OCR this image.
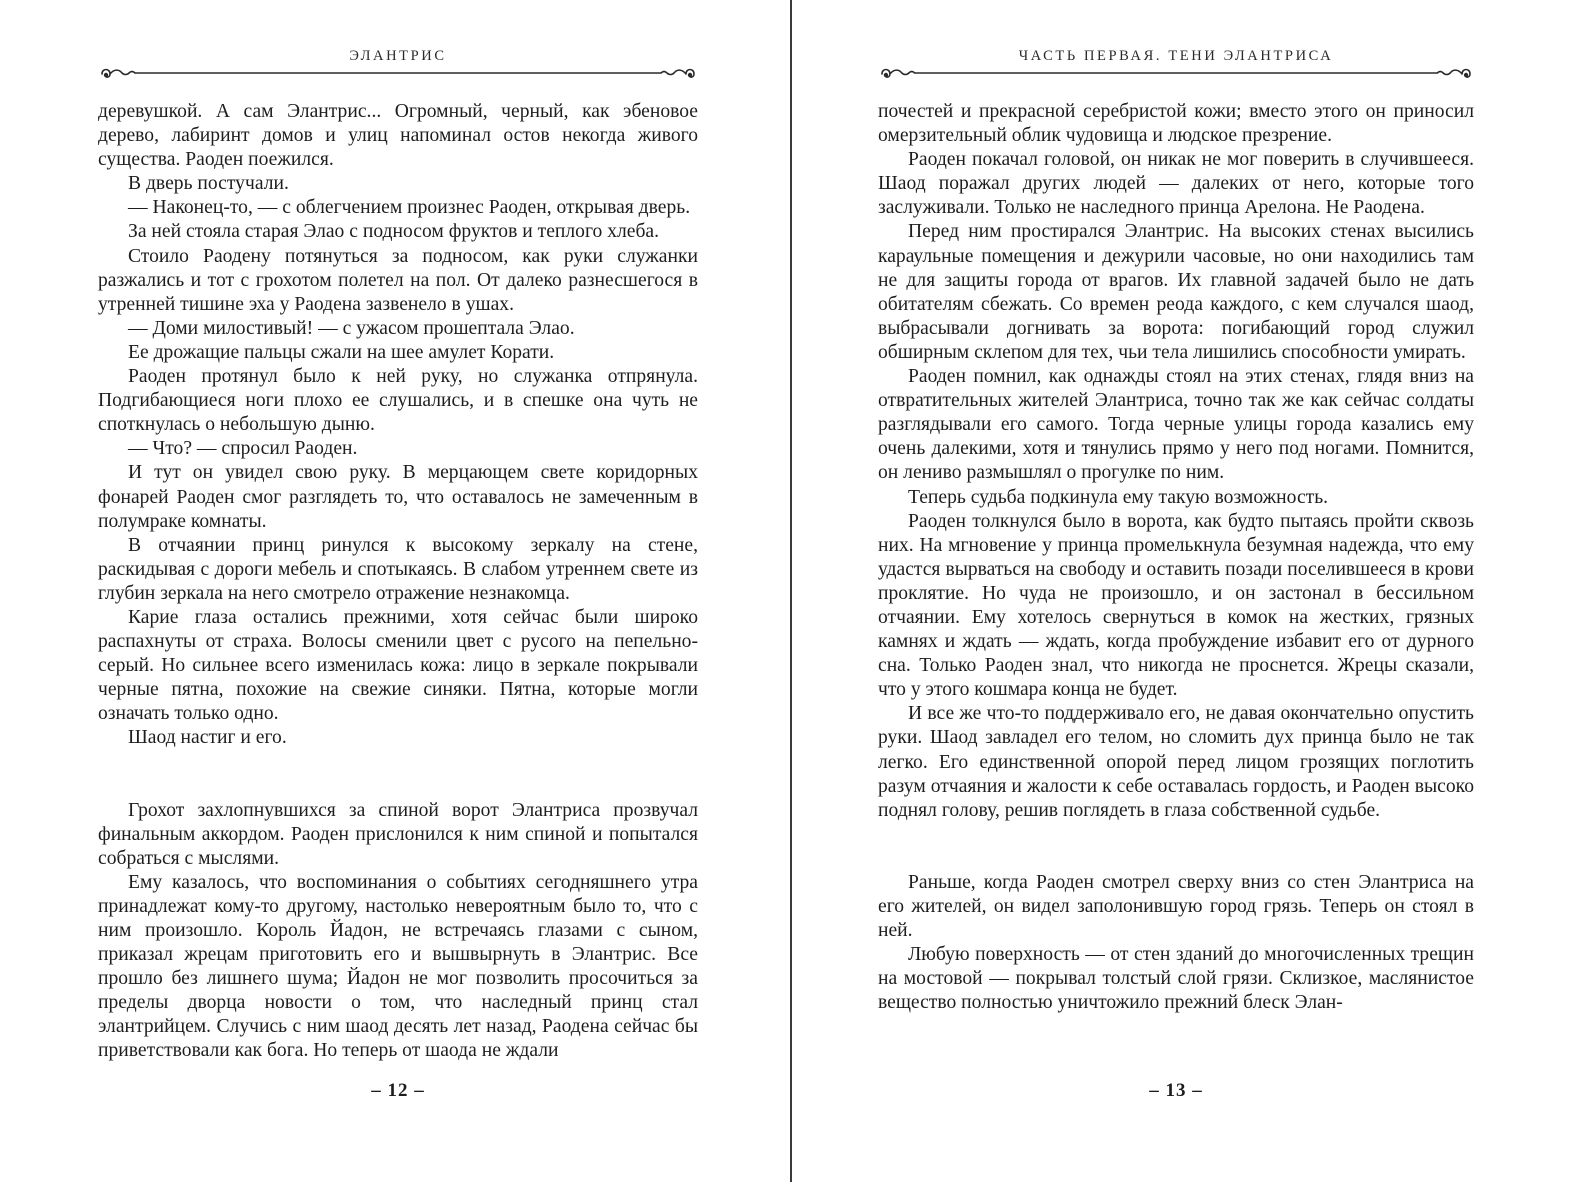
ЭЛАНТРИС

деревушкой. А сам Элантрис... Огромный, черный, как эбеновое дерево, лабиринт домов и улиц напоминал остов некогда живого существа. Раоден поежился.

В дверь постучали.

— Наконец-то, — с облегчением произнес Раоден, открывая дверь.

За ней стояла старая Элао с подносом фруктов и теплого хлеба.

Стоило Раодену потянуться за подносом, как руки служанки разжались и тот с грохотом полетел на пол. От далеко разнесшегося в утренней тишине эха у Раодена зазвенело в ушах.

— Доми милостивый! — с ужасом прошептала Элао.

Ее дрожащие пальцы сжали на шее амулет Корати.

Раоден протянул было к ней руку, но служанка отпрянула. Подгибающиеся ноги плохо ее слушались, и в спешке она чуть не споткнулась о небольшую дыню.

— Что? — спросил Раоден.

И тут он увидел свою руку. В мерцающем свете коридорных фонарей Раоден смог разглядеть то, что оставалось не замеченным в полумраке комнаты.

В отчаянии принц ринулся к высокому зеркалу на стене, раскидывая с дороги мебель и спотыкаясь. В слабом утреннем свете из глубин зеркала на него смотрело отражение незнакомца.

Карие глаза остались прежними, хотя сейчас были широко распахнуты от страха. Волосы сменили цвет с русого на пепельно-серый. Но сильнее всего изменилась кожа: лицо в зеркале покрывали черные пятна, похожие на свежие синяки. Пятна, которые могли означать только одно.

Шаод настиг и его.

Грохот захлопнувшихся за спиной ворот Элантриса прозвучал финальным аккордом. Раоден прислонился к ним спиной и попытался собраться с мыслями.

Ему казалось, что воспоминания о событиях сегодняшнего утра принадлежат кому-то другому, настолько невероятным было то, что с ним произошло. Король Йадон, не встречаясь глазами с сыном, приказал жрецам приготовить его и вышвырнуть в Элантрис. Все прошло без лишнего шума; Йадон не мог позволить просочиться за пределы дворца новости о том, что наследный принц стал элантрийцем. Случись с ним шаод десять лет назад, Раодена сейчас бы приветствовали как бога. Но теперь от шаода не ждали

– 12 –
ЧАСТЬ ПЕРВАЯ. ТЕНИ ЭЛАНТРИСА

почестей и прекрасной серебристой кожи; вместо этого он приносил омерзительный облик чудовища и людское презрение.

Раоден покачал головой, он никак не мог поверить в случившееся. Шаод поражал других людей — далеких от него, которые того заслуживали. Только не наследного принца Арелона. Не Раодена.

Перед ним простирался Элантрис. На высоких стенах высились караульные помещения и дежурили часовые, но они находились там не для защиты города от врагов. Их главной задачей было не дать обитателям сбежать. Со времен реода каждого, с кем случался шаод, выбрасывали догнивать за ворота: погибающий город служил обширным склепом для тех, чьи тела лишились способности умирать.

Раоден помнил, как однажды стоял на этих стенах, глядя вниз на отвратительных жителей Элантриса, точно так же как сейчас солдаты разглядывали его самого. Тогда черные улицы города казались ему очень далекими, хотя и тянулись прямо у него под ногами. Помнится, он лениво размышлял о прогулке по ним.

Теперь судьба подкинула ему такую возможность.

Раоден толкнулся было в ворота, как будто пытаясь пройти сквозь них. На мгновение у принца промелькнула безумная надежда, что ему удастся вырваться на свободу и оставить позади поселившееся в крови проклятие. Но чуда не произошло, и он застонал в бессильном отчаянии. Ему хотелось свернуться в комок на жестких, грязных камнях и ждать — ждать, когда пробуждение избавит его от дурного сна. Только Раоден знал, что никогда не проснется. Жрецы сказали, что у этого кошмара конца не будет.

И все же что-то поддерживало его, не давая окончательно опустить руки. Шаод завладел его телом, но сломить дух принца было не так легко. Его единственной опорой перед лицом грозящих поглотить разум отчаяния и жалости к себе оставалась гордость, и Раоден высоко поднял голову, решив поглядеть в глаза собственной судьбе.

Раньше, когда Раоден смотрел сверху вниз со стен Элантриса на его жителей, он видел заполонившую город грязь. Теперь он стоял в ней.

Любую поверхность — от стен зданий до многочисленных трещин на мостовой — покрывал толстый слой грязи. Склизкое, маслянистое вещество полностью уничтожило прежний блеск Элан-

– 13 –
